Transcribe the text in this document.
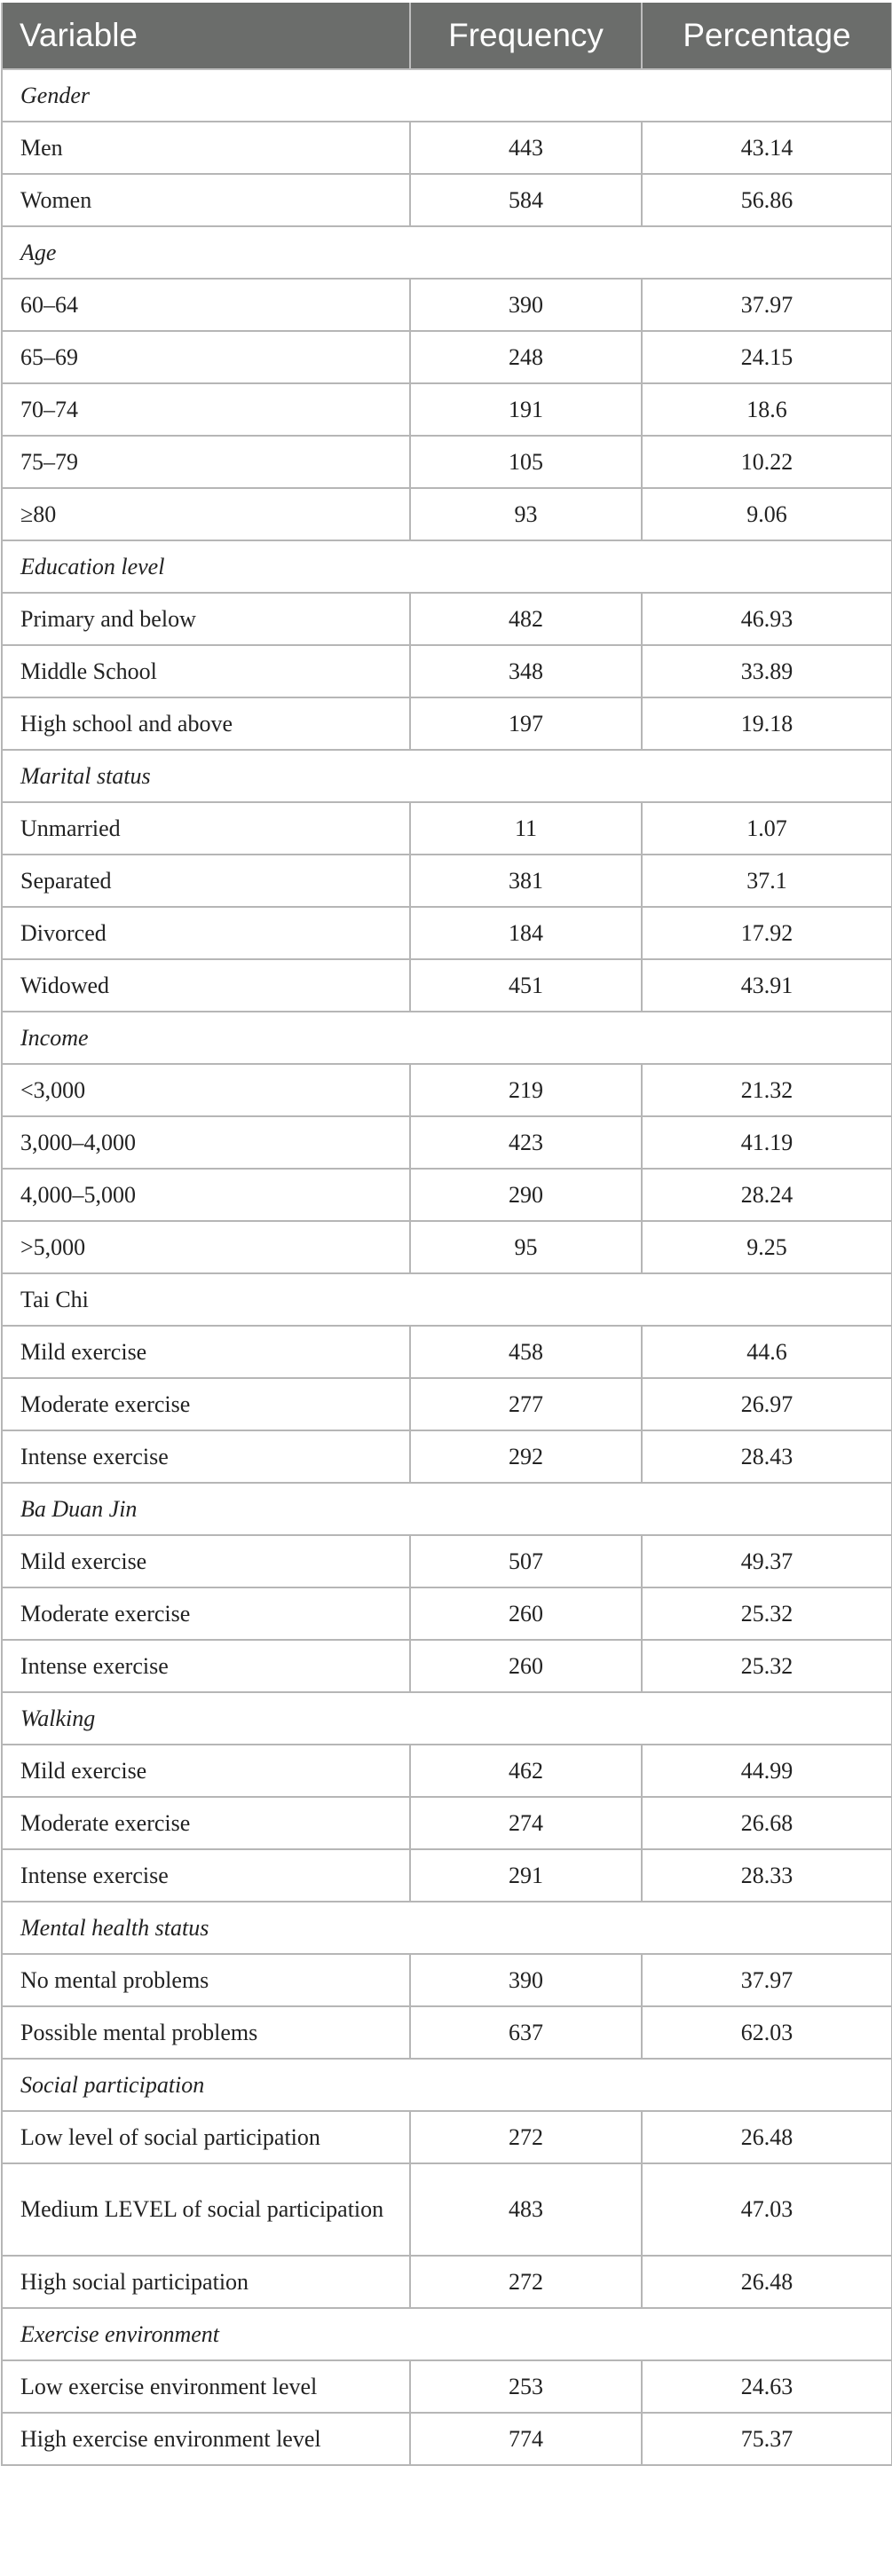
Variable	Frequency	Percentage
Gender		
Men	443	43.14
Women	584	56.86
Age		
60–64	390	37.97
65–69	248	24.15
70–74	191	18.6
75–79	105	10.22
≥80	93	9.06
Education level		
Primary and below	482	46.93
Middle School	348	33.89
High school and above	197	19.18
Marital status		
Unmarried	11	1.07
Separated	381	37.1
Divorced	184	17.92
Widowed	451	43.91
Income		
<3,000	219	21.32
3,000–4,000	423	41.19
4,000–5,000	290	28.24
>5,000	95	9.25
Tai Chi		
Mild exercise	458	44.6
Moderate exercise	277	26.97
Intense exercise	292	28.43
Ba Duan Jin		
Mild exercise	507	49.37
Moderate exercise	260	25.32
Intense exercise	260	25.32
Walking		
Mild exercise	462	44.99
Moderate exercise	274	26.68
Intense exercise	291	28.33
Mental health status		
No mental problems	390	37.97
Possible mental problems	637	62.03
Social participation		
Low level of social participation	272	26.48
Medium LEVEL of social participation	483	47.03
High social participation	272	26.48
Exercise environment		
Low exercise environment level	253	24.63
High exercise environment level	774	75.37
